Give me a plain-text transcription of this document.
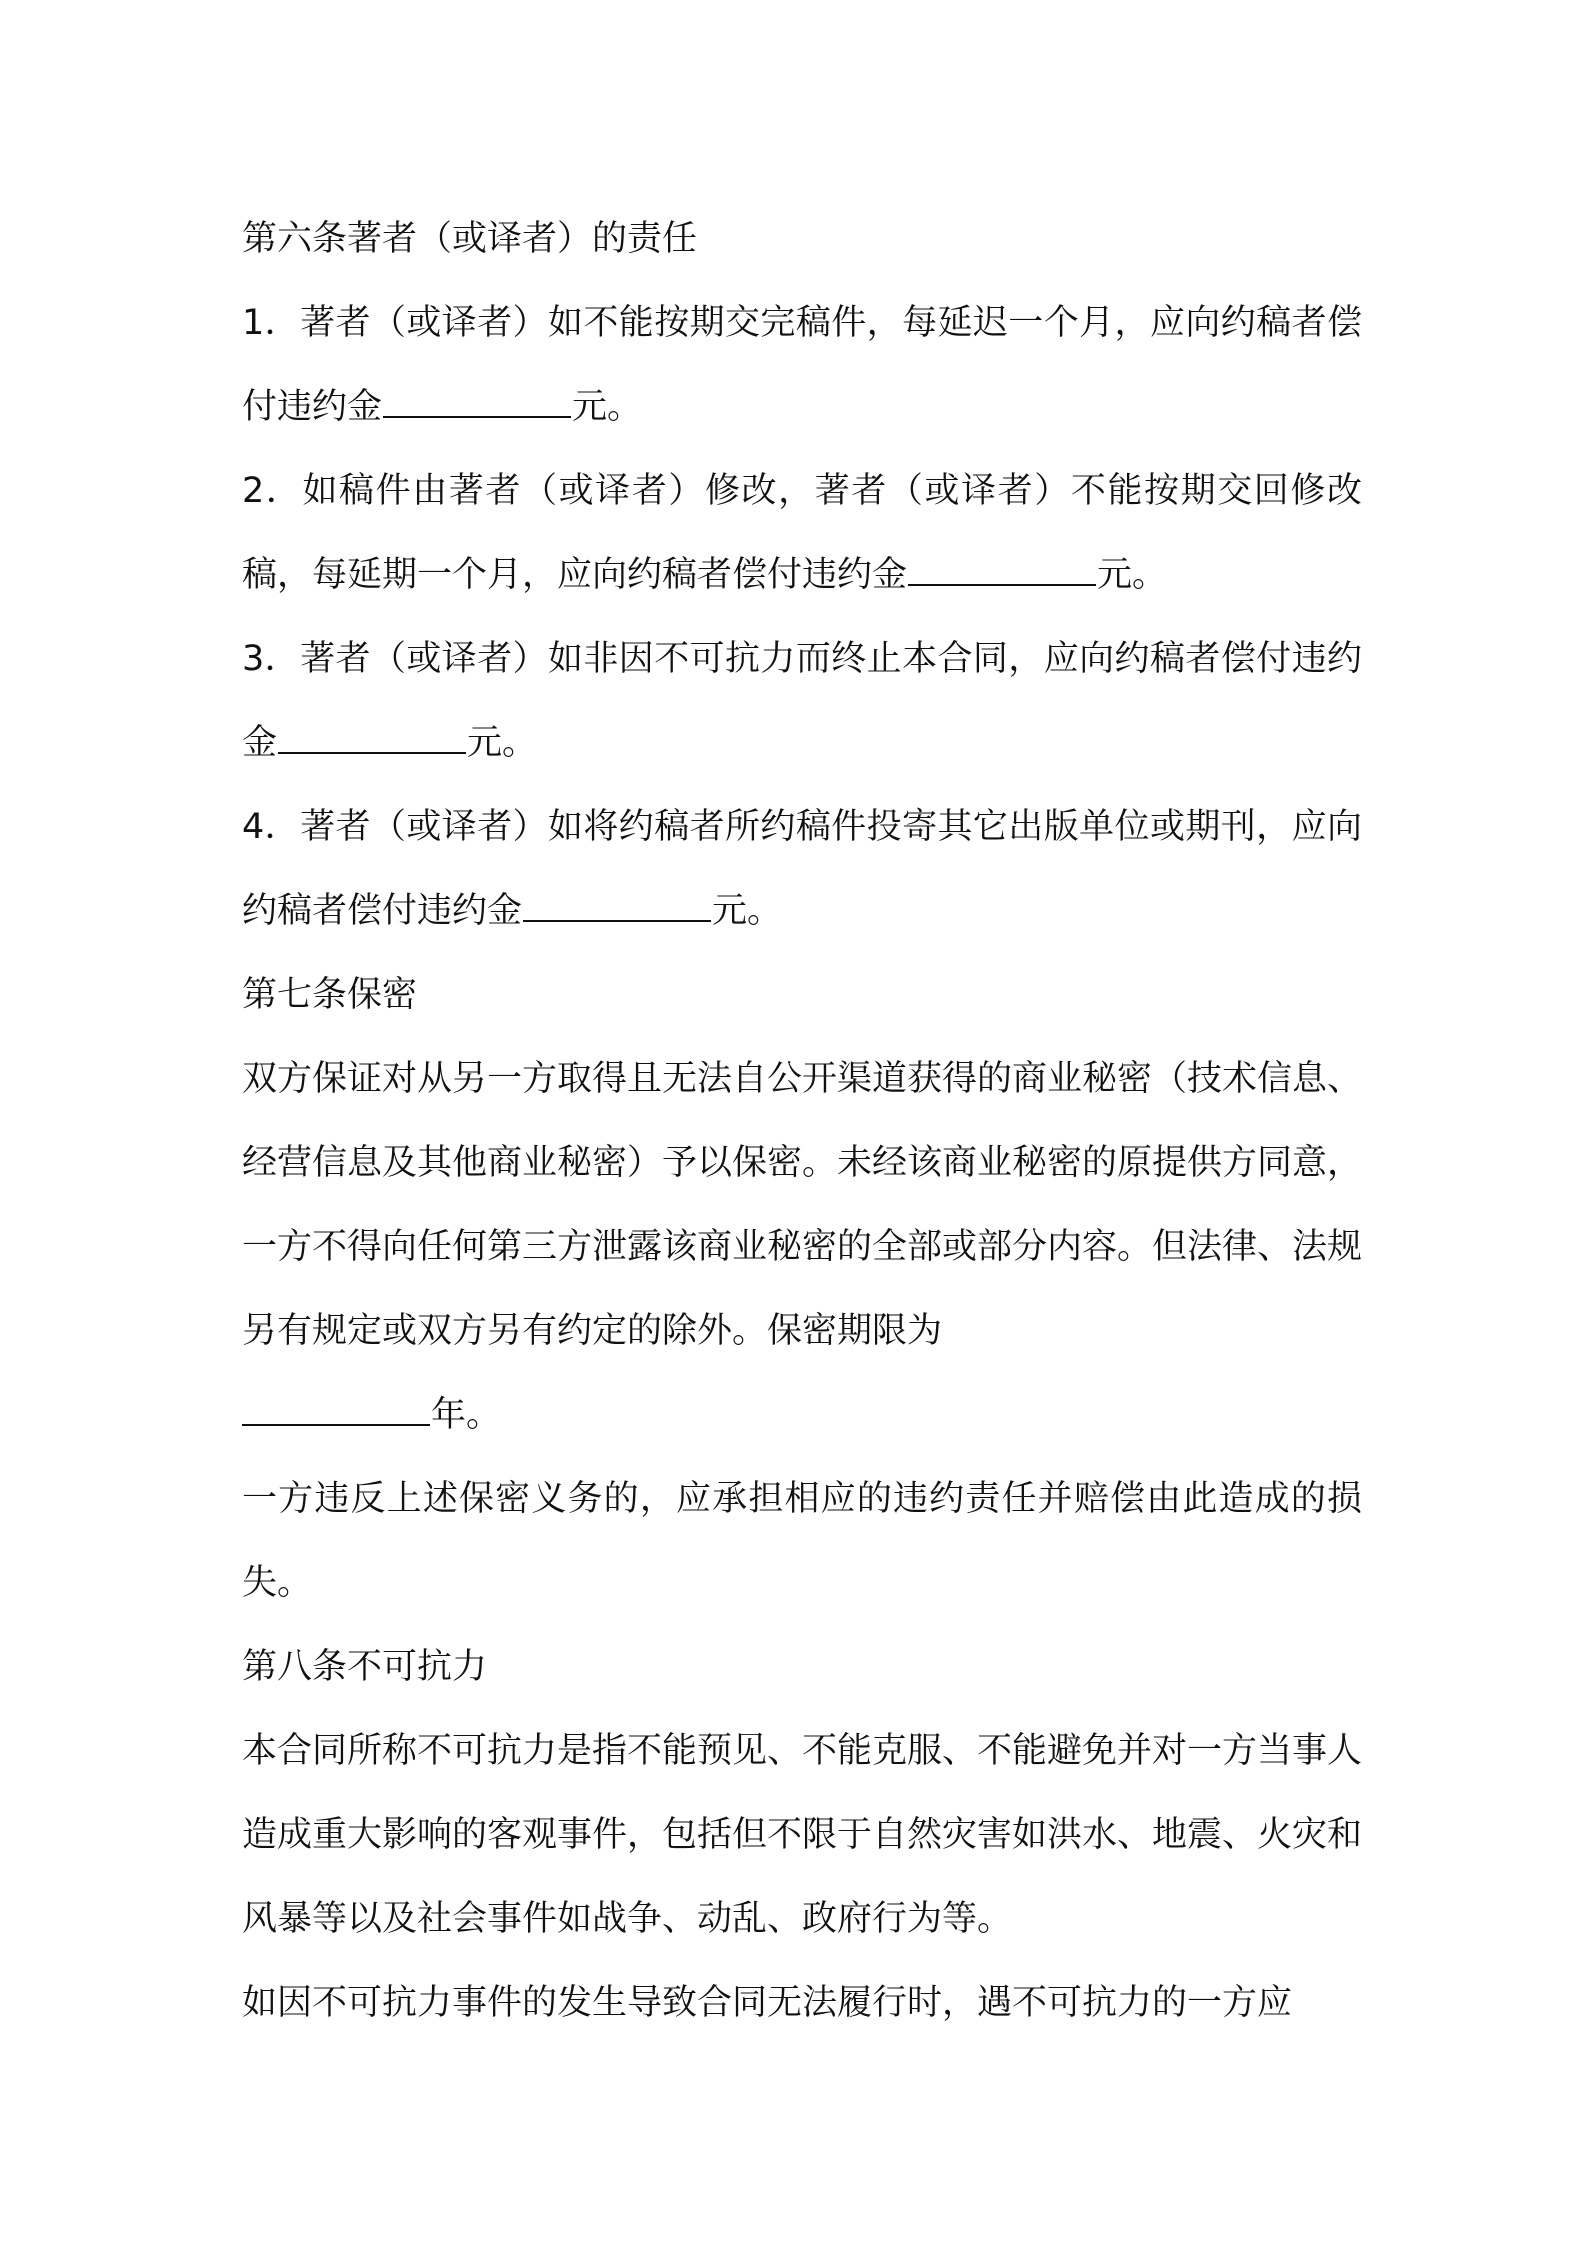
第六条著者（或译者）的责任

1．著者（或译者）如不能按期交完稿件，每延迟一个月，应向约稿者偿付违约金	元。

2．如稿件由著者（或译者）修改，著者（或译者）不能按期交回修改稿，每延期一个月，应向约稿者偿付违约金	元。

3．著者（或译者）如非因不可抗力而终止本合同，应向约稿者偿付违约金	元。

4．著者（或译者）如将约稿者所约稿件投寄其它出版单位或期刊，应向约稿者偿付违约金	元。

第七条保密

双方保证对从另一方取得且无法自公开渠道获得的商业秘密（技术信息、经营信息及其他商业秘密）予以保密。未经该商业秘密的原提供方同意，一方不得向任何第三方泄露该商业秘密的全部或部分内容。但法律、法规另有规定或双方另有约定的除外。保密期限为
年。

一方违反上述保密义务的，应承担相应的违约责任并赔偿由此造成的损失。

第八条不可抗力

本合同所称不可抗力是指不能预见、不能克服、不能避免并对一方当事人造成重大影响的客观事件，包括但不限于自然灾害如洪水、地震、火灾和风暴等以及社会事件如战争、动乱、政府行为等。

如因不可抗力事件的发生导致合同无法履行时，遇不可抗力的一方应
